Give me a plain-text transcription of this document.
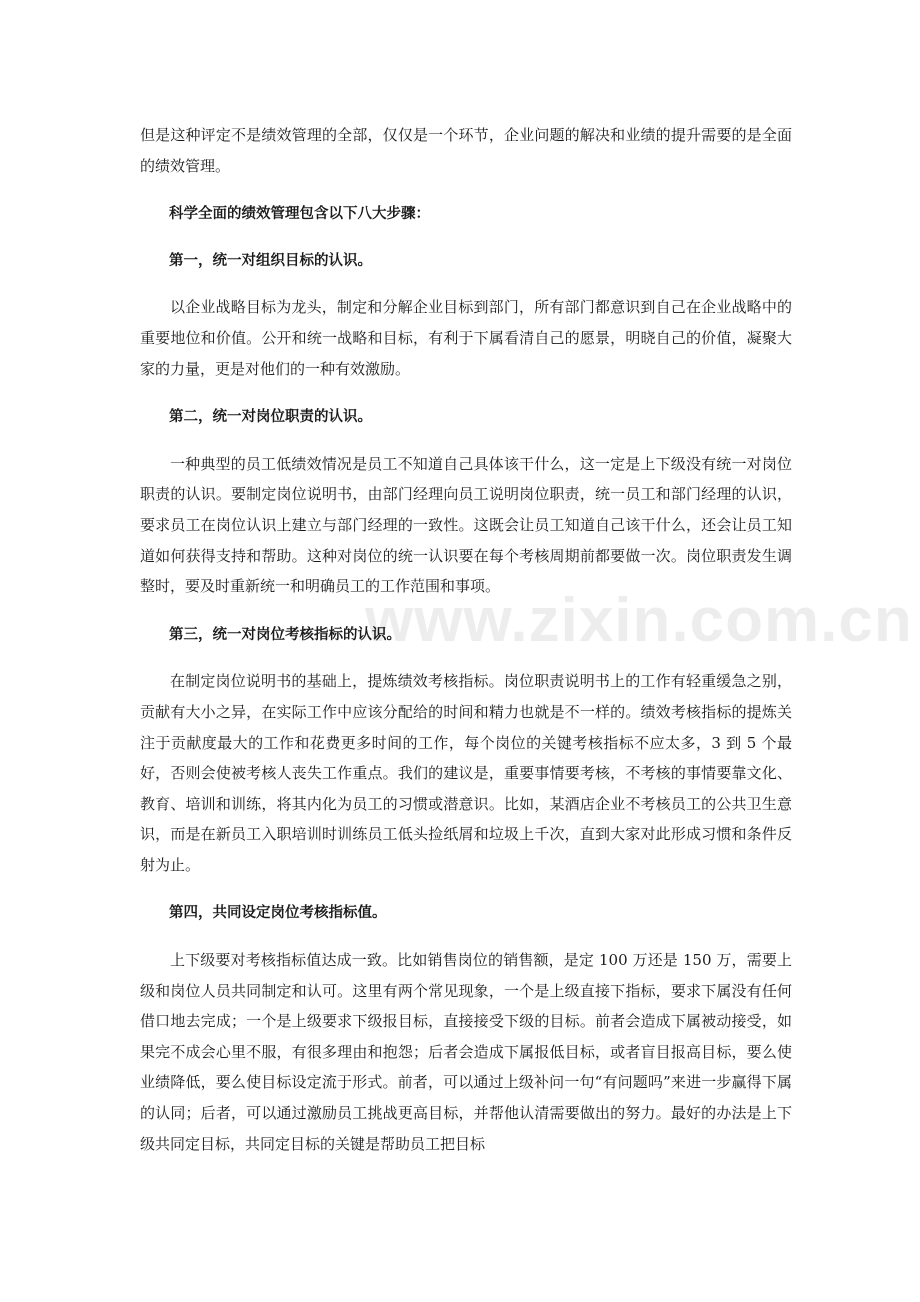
但是这种评定不是绩效管理的全部，仅仅是一个环节，企业问题的解决和业绩的提升需要的是全面的绩效管理。

科学全面的绩效管理包含以下八大步骤：

第一，统一对组织目标的认识。

以企业战略目标为龙头，制定和分解企业目标到部门，所有部门都意识到自己在企业战略中的重要地位和价值。公开和统一战略和目标，有利于下属看清自己的愿景，明晓自己的价值，凝聚大家的力量，更是对他们的一种有效激励。

第二，统一对岗位职责的认识。

一种典型的员工低绩效情况是员工不知道自己具体该干什么，这一定是上下级没有统一对岗位职责的认识。要制定岗位说明书，由部门经理向员工说明岗位职责，统一员工和部门经理的认识，要求员工在岗位认识上建立与部门经理的一致性。这既会让员工知道自己该干什么，还会让员工知道如何获得支持和帮助。这种对岗位的统一认识要在每个考核周期前都要做一次。岗位职责发生调整时，要及时重新统一和明确员工的工作范围和事项。

第三，统一对岗位考核指标的认识。

在制定岗位说明书的基础上，提炼绩效考核指标。岗位职责说明书上的工作有轻重缓急之别，贡献有大小之异，在实际工作中应该分配给的时间和精力也就是不一样的。绩效考核指标的提炼关注于贡献度最大的工作和花费更多时间的工作，每个岗位的关键考核指标不应太多，3 到 5 个最好，否则会使被考核人丧失工作重点。我们的建议是，重要事情要考核，不考核的事情要靠文化、教育、培训和训练，将其内化为员工的习惯或潜意识。比如，某酒店企业不考核员工的公共卫生意识，而是在新员工入职培训时训练员工低头捡纸屑和垃圾上千次，直到大家对此形成习惯和条件反射为止。

第四，共同设定岗位考核指标值。

上下级要对考核指标值达成一致。比如销售岗位的销售额，是定 100 万还是 150 万，需要上级和岗位人员共同制定和认可。这里有两个常见现象，一个是上级直接下指标，要求下属没有任何借口地去完成；一个是上级要求下级报目标，直接接受下级的目标。前者会造成下属被动接受，如果完不成会心里不服，有很多理由和抱怨；后者会造成下属报低目标，或者盲目报高目标，要么使业绩降低，要么使目标设定流于形式。前者，可以通过上级补问一句“有问题吗”来进一步赢得下属的认同；后者，可以通过激励员工挑战更高目标，并帮他认清需要做出的努力。最好的办法是上下级共同定目标，共同定目标的关键是帮助员工把目标

www.zixin.com.cn
